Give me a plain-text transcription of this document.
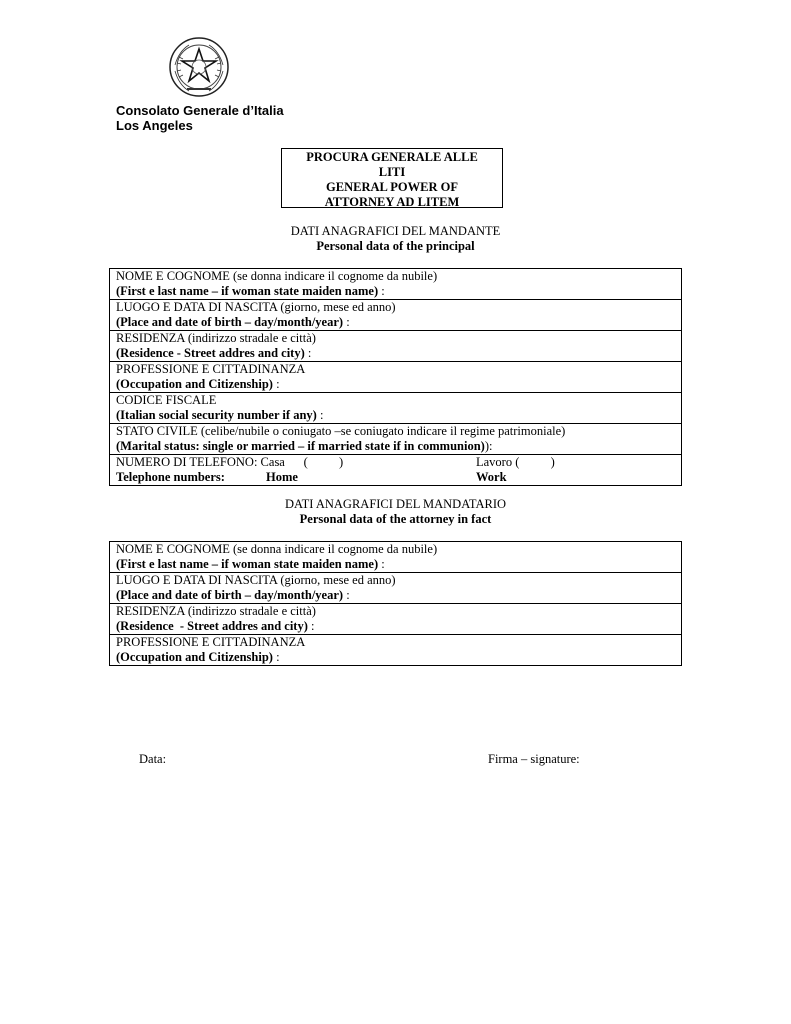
Consolato Generale d’Italia
Los Angeles
PROCURA GENERALE ALLE
LITI
GENERAL POWER OF
ATTORNEY AD LITEM
DATI ANAGRAFICI DEL MANDANTE
Personal data of the principal
NOME E COGNOME (se donna indicare il cognome da nubile)
(First e last name – if woman state maiden name) :

LUOGO E DATA DI NASCITA (giorno, mese ed anno)
(Place and date of birth – day/month/year) :

RESIDENZA (indirizzo stradale e città)
(Residence - Street addres and city) :

PROFESSIONE E CITTADINANZA
(Occupation and Citizenship) :

CODICE FISCALE
(Italian social security number if any) :

STATO CIVILE (celibe/nubile o coniugato –se coniugato indicare il regime patrimoniale)
(Marital status: single or married – if married state if in communion)):

NUMERO DI TELEFONO: Casa      (          )	Lavoro (          )
Telephone numbers:	Home	Work
DATI ANAGRAFICI DEL MANDATARIO
Personal data of the attorney in fact
NOME E COGNOME (se donna indicare il cognome da nubile)
(First e last name – if woman state maiden name) :

LUOGO E DATA DI NASCITA (giorno, mese ed anno)
(Place and date of birth – day/month/year) :

RESIDENZA (indirizzo stradale e città)
(Residence  - Street addres and city) :

PROFESSIONE E CITTADINANZA
(Occupation and Citizenship) :
Data:	Firma – signature:
